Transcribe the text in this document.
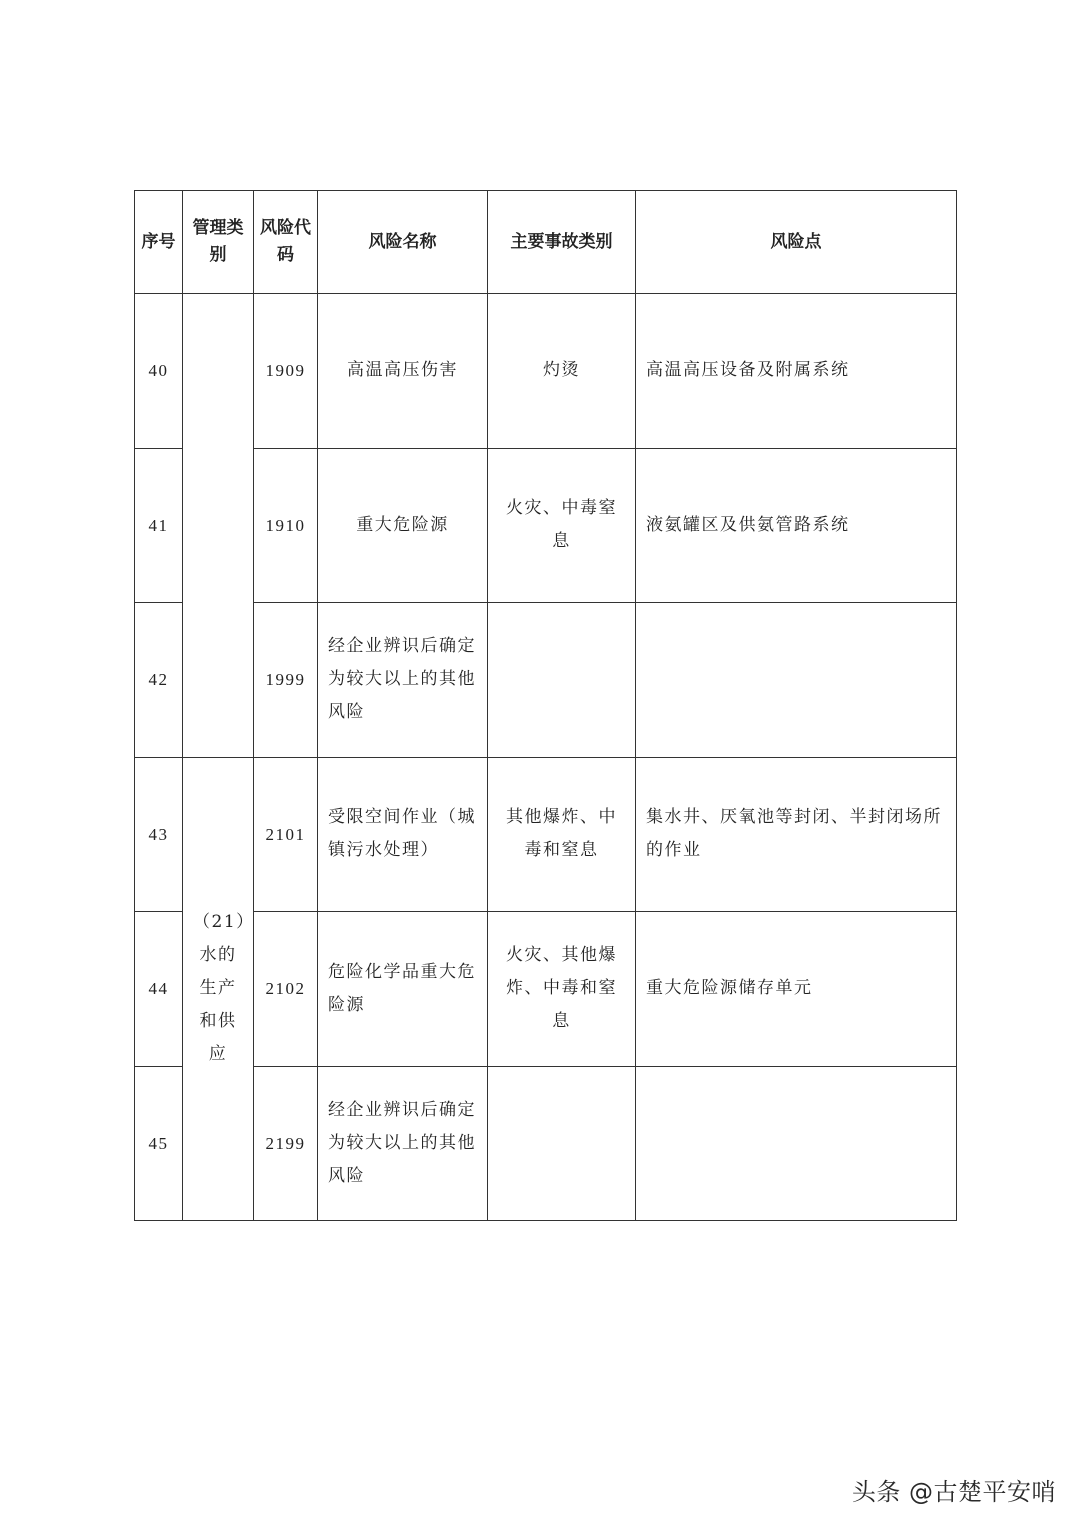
序号	管理类别	风险代码	风险名称	主要事故类别	风险点
40		1909	高温高压伤害	灼烫	高温高压设备及附属系统
41		1910	重大危险源	火灾、中毒窒息	液氨罐区及供氨管路系统
42		1999	经企业辨识后确定为较大以上的其他风险		
43	（21）水的生产和供应	2101	受限空间作业（城镇污水处理）	其他爆炸、中毒和窒息	集水井、厌氧池等封闭、半封闭场所的作业
44		2102	危险化学品重大危险源	火灾、其他爆炸、中毒和窒息	重大危险源储存单元
45		2199	经企业辨识后确定为较大以上的其他风险		
头条 @古楚平安哨
